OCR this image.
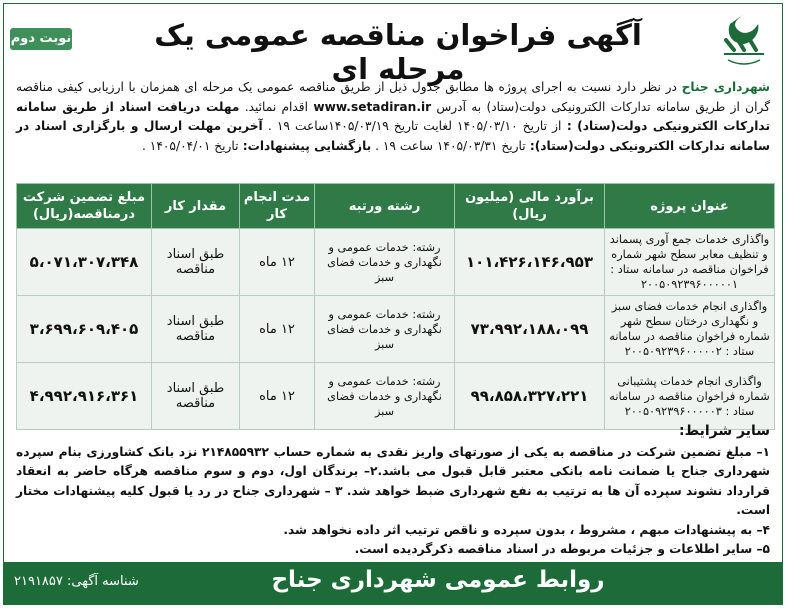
نوبت دوم	آگهی فراخوان مناقصه عمومی یک مرحله ای
شهرداری جناح در نظر دارد نسبت به اجرای پروژه ها مطابق جدول ذیل از طریق مناقصه عمومی یک مرحله ای همزمان با ارزیابی کیفی مناقصه گران از طریق سامانه تدارکات الکترونیکی دولت(ستاد) به آدرس www.setadiran.ir اقدام نمائید. مهلت دریافت اسناد از طریق سامانه تدارکات الکترونیکی دولت(ستاد) : از تاریخ ۱۴۰۵/۰۳/۱۰ لغایت تاریخ ۱۴۰۵/۰۳/۱۹ساعت ۱۹ . آخرین مهلت ارسال و بارگزاری اسناد در سامانه تدارکات الکترونیکی دولت(ستاد): تاریخ ۱۴۰۵/۰۳/۳۱ ساعت ۱۹ . بازگشایی پیشنهادات: تاریخ ۱۴۰۵/۰۴/۰۱ .
عنوان پروژه	برآورد مالی (میلیون ریال)	رشته ورتبه	مدت انجام کار	مقدار کار	مبلغ تضمین شرکت درمناقصه(ریال)
واگذاری خدمات جمع آوری پسماند و تنظیف معابر سطح شهر شماره فراخوان مناقصه در سامانه ستاد : ۲۰۰۵۰۹۲۳۹۶۰۰۰۰۰۱	۱۰۱،۴۲۶،۱۴۶،۹۵۳	رشته: خدمات عمومی و نگهداری و خدمات فضای سبز	۱۲ ماه	طبق اسناد مناقصه	۵،۰۷۱،۳۰۷،۳۴۸
واگذاری انجام خدمات فضای سبز و نگهداری درختان سطح شهر شماره فراخوان مناقصه در سامانه ستاد : ۲۰۰۵۰۹۲۳۹۶۰۰۰۰۰۲	۷۳،۹۹۲،۱۸۸،۰۹۹	رشته: خدمات عمومی و نگهداری و خدمات فضای سبز	۱۲ ماه	طبق اسناد مناقصه	۳،۶۹۹،۶۰۹،۴۰۵
واگذاری انجام خدمات پشتیبانی شماره فراخوان مناقصه در سامانه ستاد : ۲۰۰۵۰۹۲۳۹۶۰۰۰۰۰۳	۹۹،۸۵۸،۳۲۷،۲۲۱	رشته: خدمات عمومی و نگهداری و خدمات فضای سبز	۱۲ ماه	طبق اسناد مناقصه	۴،۹۹۲،۹۱۶،۳۶۱
سایر شرایط:
۱– مبلغ تضمین شرکت در مناقصه به یکی از صورتهای واریز نقدی به شماره حساب ۲۱۴۸۵۵۹۳۲ نزد بانک کشاورزی بنام سپرده شهرداری جناح یا ضمانت نامه بانکی معتبر قابل قبول می باشد.۲– برندگان اول، دوم و سوم مناقصه هرگاه حاضر به انعقاد قرارداد نشوند سپرده آن ها به ترتیب به نفع شهرداری ضبط خواهد شد. ۳ – شهرداری جناح در رد یا قبول کلیه پیشنهادات مختار است.
۴– به پیشنهادات مبهم ، مشروط ، بدون سپرده و ناقص ترتیب اثر داده نخواهد شد.
۵– سایر اطلاعات و جزئیات مربوطه در اسناد مناقصه ذکرگردیده است.
شناسه آگهی: ۲۱۹۱۸۵۷	روابط عمومی شهرداری جناح
